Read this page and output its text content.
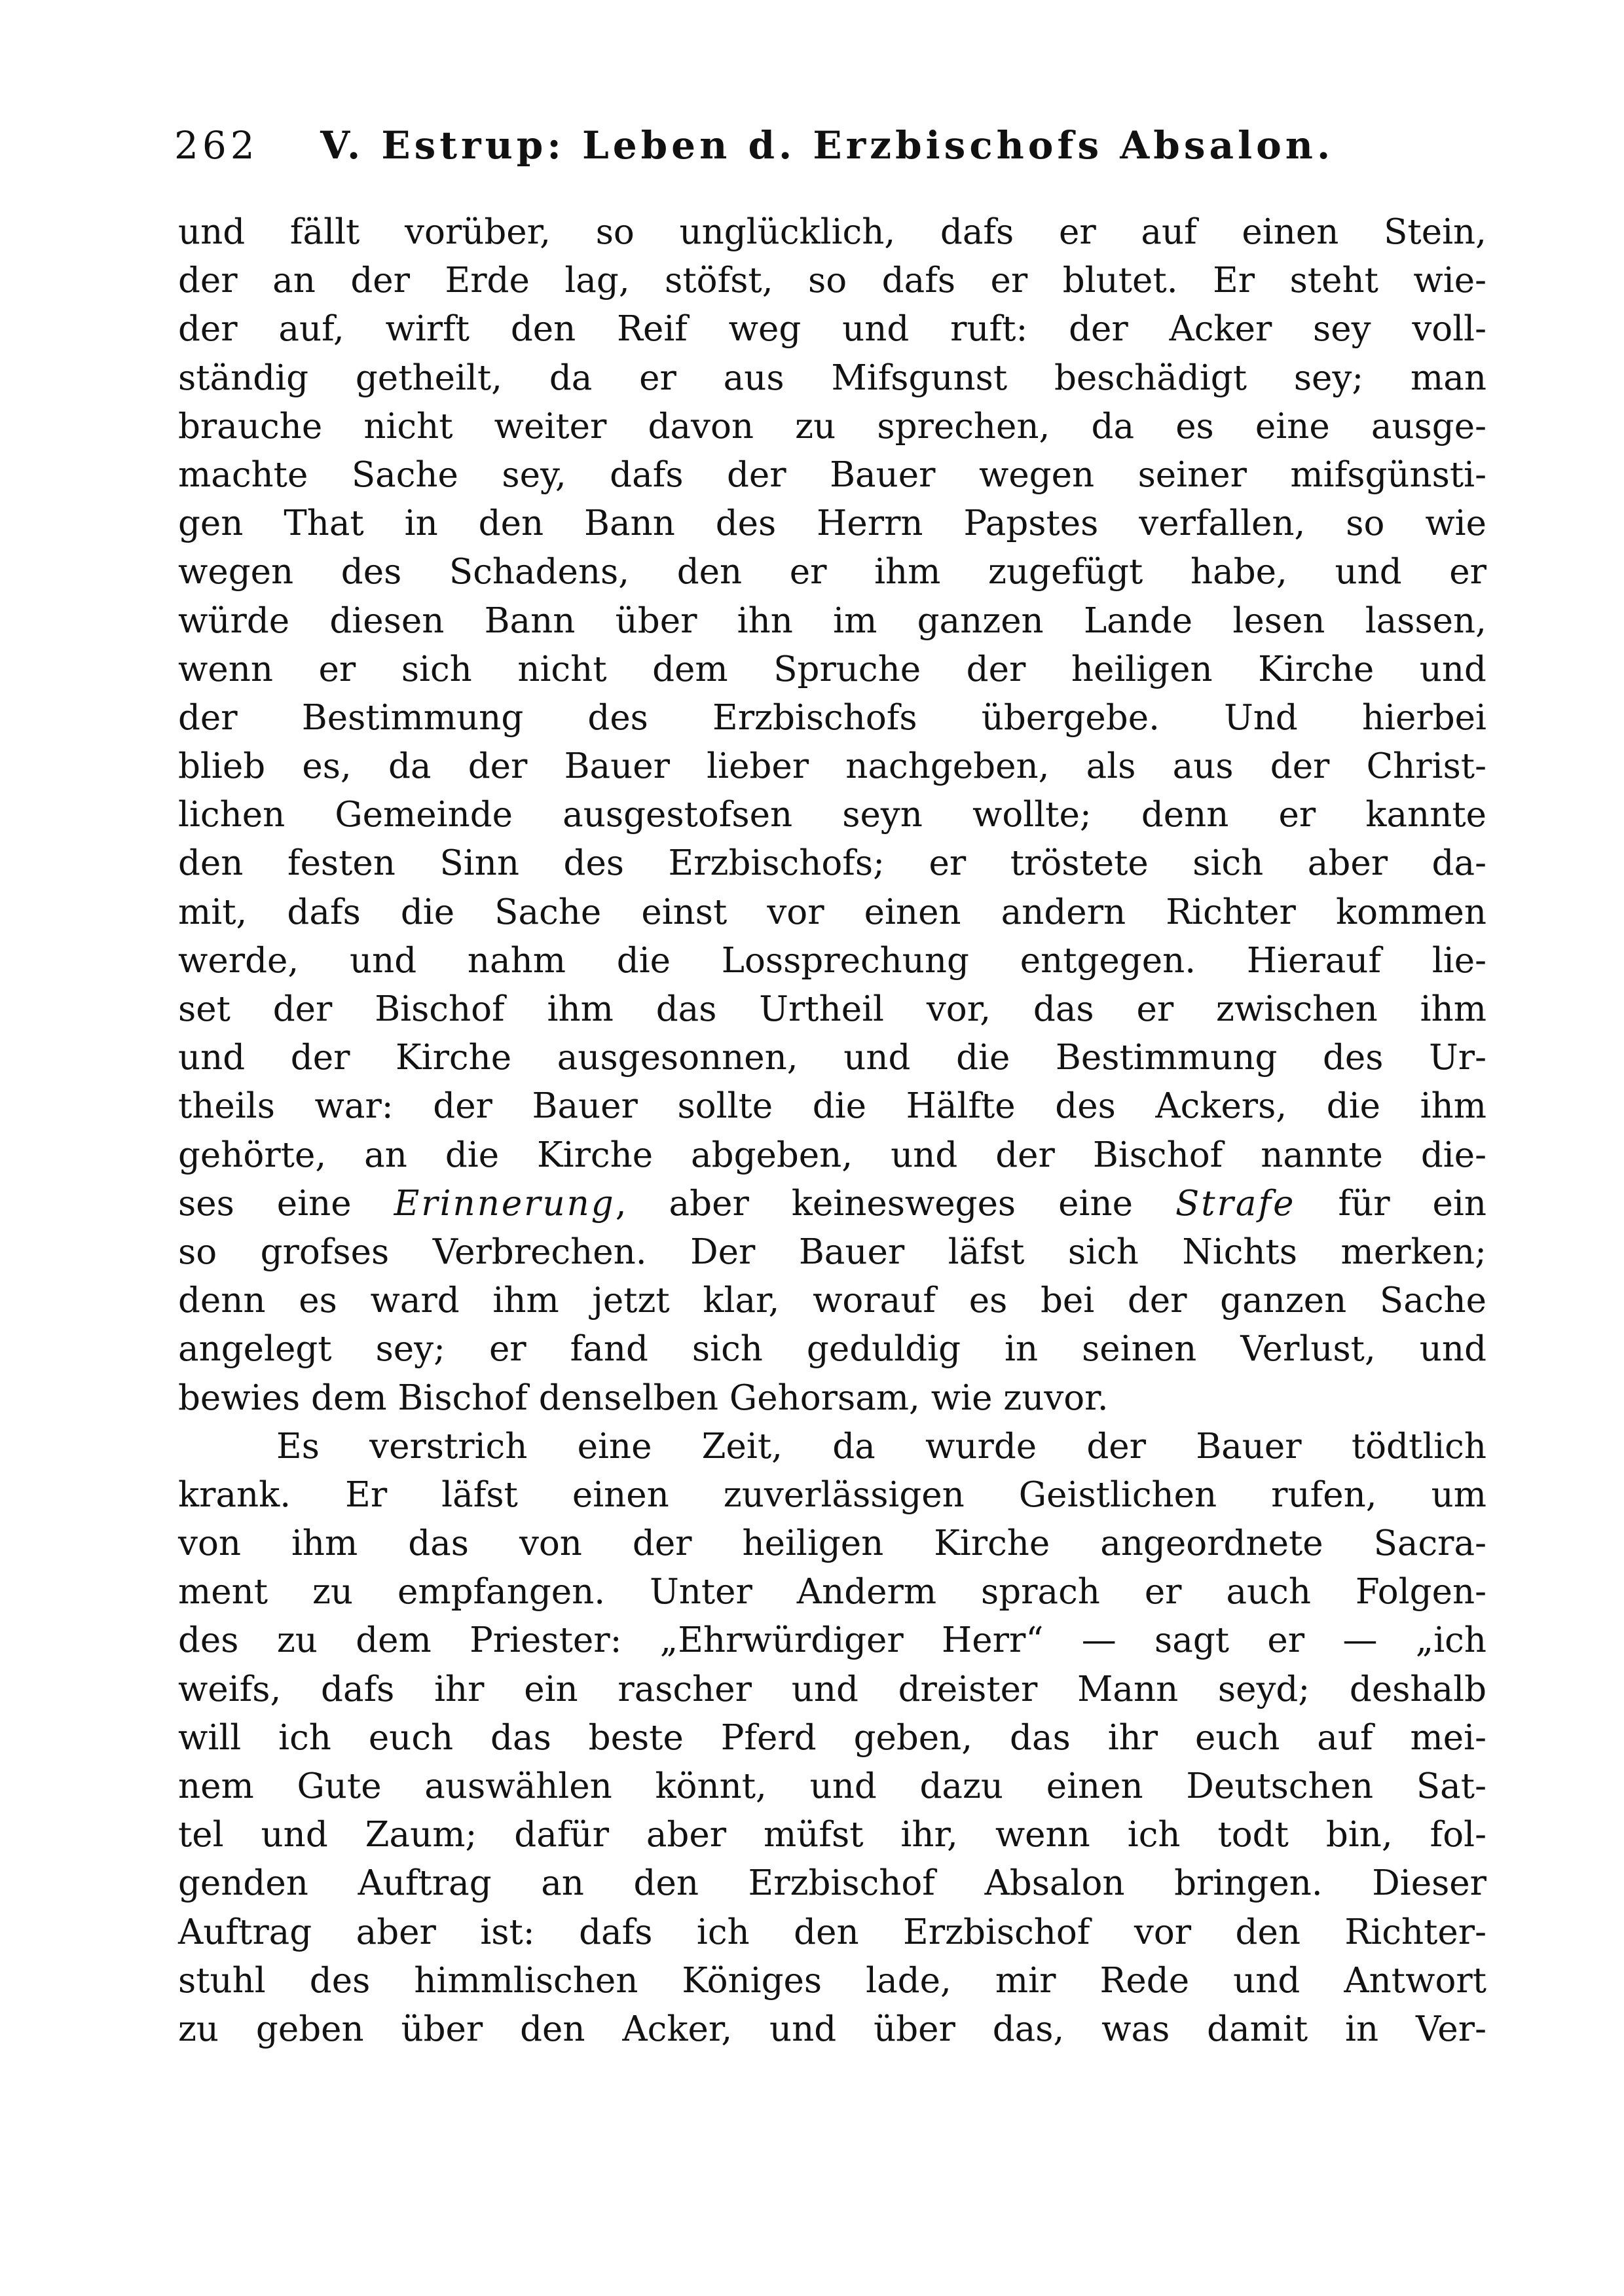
262 V. Estrup: Leben d. Erzbischofs Absalon.
und fällt vorüber, so unglücklich, dafs er auf einen Stein,
der an der Erde lag, stöfst, so dafs er blutet. Er steht wie-
der auf, wirft den Reif weg und ruft: der Acker sey voll-
ständig getheilt, da er aus Mifsgunst beschädigt sey; man
brauche nicht weiter davon zu sprechen, da es eine ausge-
machte Sache sey, dafs der Bauer wegen seiner mifsgünsti-
gen That in den Bann des Herrn Papstes verfallen, so wie
wegen des Schadens, den er ihm zugefügt habe, und er
würde diesen Bann über ihn im ganzen Lande lesen lassen,
wenn er sich nicht dem Spruche der heiligen Kirche und
der Bestimmung des Erzbischofs übergebe. Und hierbei
blieb es, da der Bauer lieber nachgeben, als aus der Christ-
lichen Gemeinde ausgestofsen seyn wollte; denn er kannte
den festen Sinn des Erzbischofs; er tröstete sich aber da-
mit, dafs die Sache einst vor einen andern Richter kommen
werde, und nahm die Lossprechung entgegen. Hierauf lie-
set der Bischof ihm das Urtheil vor, das er zwischen ihm
und der Kirche ausgesonnen, und die Bestimmung des Ur-
theils war: der Bauer sollte die Hälfte des Ackers, die ihm
gehörte, an die Kirche abgeben, und der Bischof nannte die-
ses eine Erinnerung, aber keinesweges eine Strafe für ein
so grofses Verbrechen. Der Bauer läfst sich Nichts merken;
denn es ward ihm jetzt klar, worauf es bei der ganzen Sache
angelegt sey; er fand sich geduldig in seinen Verlust, und
bewies dem Bischof denselben Gehorsam, wie zuvor.
Es verstrich eine Zeit, da wurde der Bauer tödtlich
krank. Er läfst einen zuverlässigen Geistlichen rufen, um
von ihm das von der heiligen Kirche angeordnete Sacra-
ment zu empfangen. Unter Anderm sprach er auch Folgen-
des zu dem Priester: „Ehrwürdiger Herr“ — sagt er — „ich
weifs, dafs ihr ein rascher und dreister Mann seyd; deshalb
will ich euch das beste Pferd geben, das ihr euch auf mei-
nem Gute auswählen könnt, und dazu einen Deutschen Sat-
tel und Zaum; dafür aber müfst ihr, wenn ich todt bin, fol-
genden Auftrag an den Erzbischof Absalon bringen. Dieser
Auftrag aber ist: dafs ich den Erzbischof vor den Richter-
stuhl des himmlischen Königes lade, mir Rede und Antwort
zu geben über den Acker, und über das, was damit in Ver-
